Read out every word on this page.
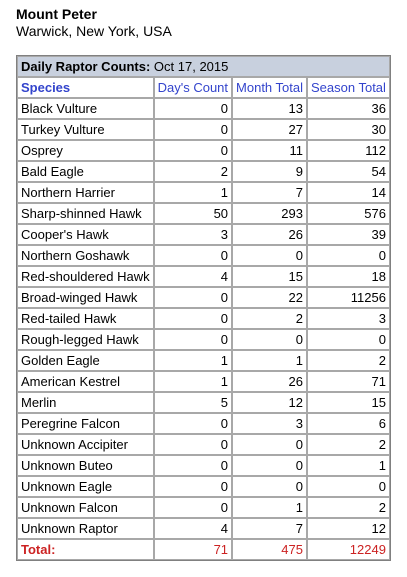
Mount Peter
Warwick, New York, USA
Daily Raptor Counts: Oct 17, 2015			
Species	Day's Count	Month Total	Season Total
Black Vulture	0	13	36
Turkey Vulture	0	27	30
Osprey	0	11	112
Bald Eagle	2	9	54
Northern Harrier	1	7	14
Sharp-shinned Hawk	50	293	576
Cooper's Hawk	3	26	39
Northern Goshawk	0	0	0
Red-shouldered Hawk	4	15	18
Broad-winged Hawk	0	22	11256
Red-tailed Hawk	0	2	3
Rough-legged Hawk	0	0	0
Golden Eagle	1	1	2
American Kestrel	1	26	71
Merlin	5	12	15
Peregrine Falcon	0	3	6
Unknown Accipiter	0	0	2
Unknown Buteo	0	0	1
Unknown Eagle	0	0	0
Unknown Falcon	0	1	2
Unknown Raptor	4	7	12
Total:	71	475	12249
